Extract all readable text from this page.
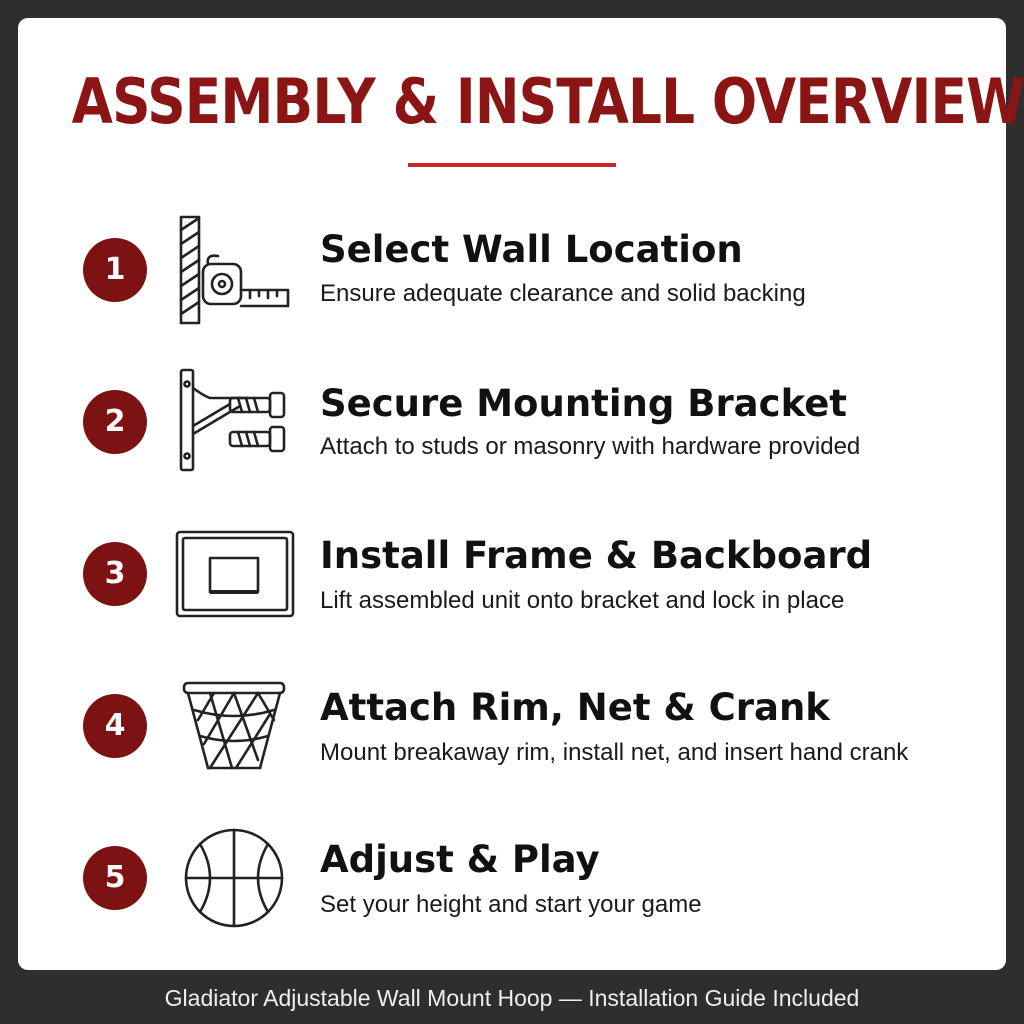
ASSEMBLY & INSTALL OVERVIEW
1	Select Wall Location

Ensure adequate clearance and solid backing

2	Secure Mounting Bracket

Attach to studs or masonry with hardware provided

3	Install Frame & Backboard

Lift assembled unit onto bracket and lock in place

4	Attach Rim, Net & Crank

Mount breakaway rim, install net, and insert hand crank

5	Adjust & Play

Set your height and start your game

Gladiator Adjustable Wall Mount Hoop — Installation Guide Included
